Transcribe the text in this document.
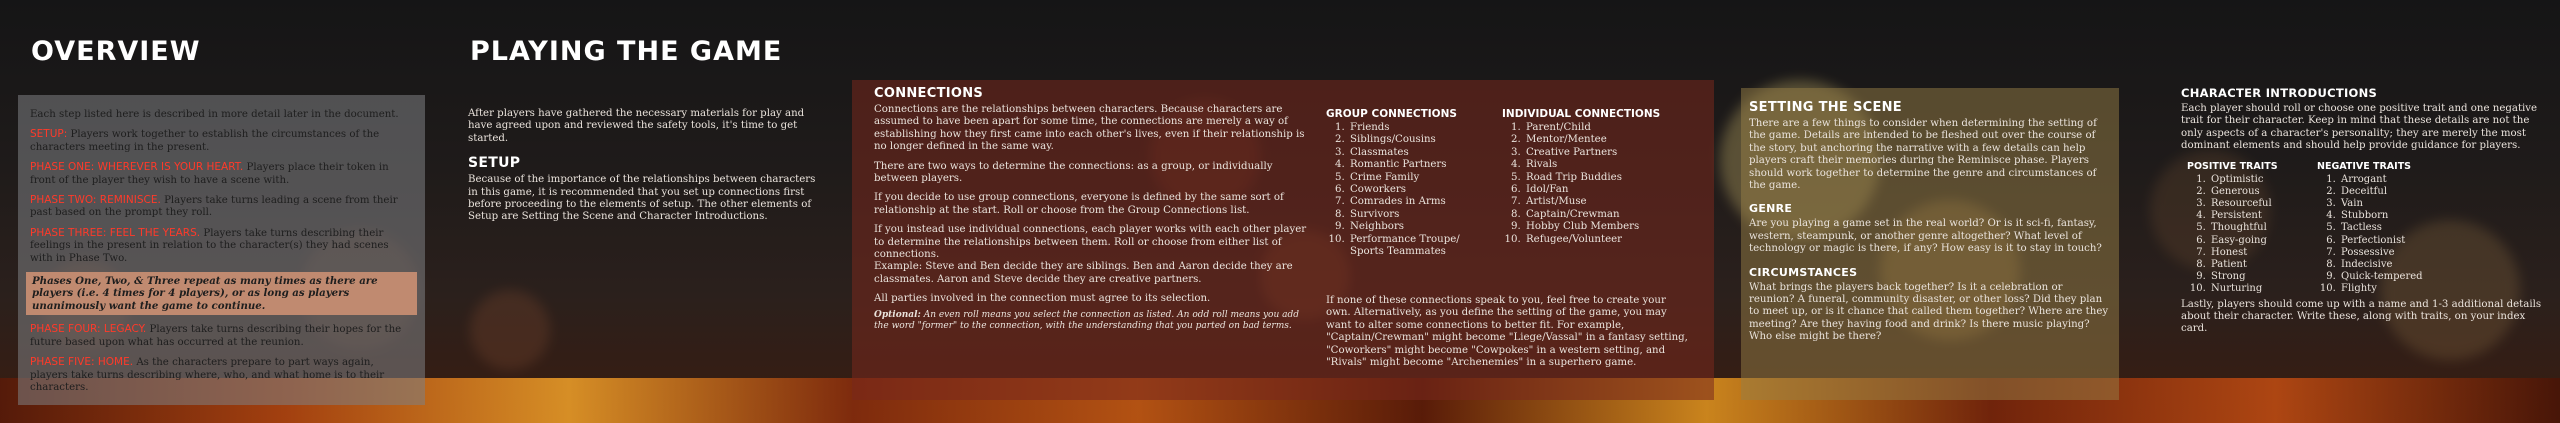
OVERVIEW

Each step listed here is described in more detail later in the document.

SETUP: Players work together to establish the circumstances of the characters meeting in the present.

PHASE ONE: WHEREVER IS YOUR HEART. Players place their token in front of the player they wish to have a scene with.

PHASE TWO: REMINISCE. Players take turns leading a scene from their past based on the prompt they roll.

PHASE THREE: FEEL THE YEARS. Players take turns describing their feelings in the present in relation to the character(s) they had scenes with in Phase Two.

Phases One, Two, & Three repeat as many times as there are players (i.e. 4 times for 4 players), or as long as players unanimously want the game to continue.

PHASE FOUR: LEGACY. Players take turns describing their hopes for the future based upon what has occurred at the reunion.

PHASE FIVE: HOME. As the characters prepare to part ways again, players take turns describing where, who, and what home is to their characters.

PLAYING THE GAME

After players have gathered the necessary materials for play and have agreed upon and reviewed the safety tools, it's time to get started.

SETUP

Because of the importance of the relationships between characters in this game, it is recommended that you set up connections first before proceeding to the elements of setup. The other elements of Setup are Setting the Scene and Character Introductions.

CONNECTIONS

Connections are the relationships between characters. Because characters are assumed to have been apart for some time, the connections are merely a way of establishing how they first came into each other's lives, even if their relationship is no longer defined in the same way.

There are two ways to determine the connections: as a group, or individually between players.

If you decide to use group connections, everyone is defined by the same sort of relationship at the start. Roll or choose from the Group Connections list.

If you instead use individual connections, each player works with each other player to determine the relationships between them. Roll or choose from either list of connections.

Example: Steve and Ben decide they are siblings. Ben and Aaron decide they are classmates. Aaron and Steve decide they are creative partners.

All parties involved in the connection must agree to its selection.

Optional: An even roll means you select the connection as listed. An odd roll means you add the word "former" to the connection, with the understanding that you parted on bad terms.

GROUP CONNECTIONS
1. Friends
2. Siblings/Cousins
3. Classmates
4. Romantic Partners
5. Crime Family
6. Coworkers
7. Comrades in Arms
8. Survivors
9. Neighbors
10. Performance Troupe/ Sports Teammates
INDIVIDUAL CONNECTIONS
1. Parent/Child
2. Mentor/Mentee
3. Creative Partners
4. Rivals
5. Road Trip Buddies
6. Idol/Fan
7. Artist/Muse
8. Captain/Crewman
9. Hobby Club Members
10. Refugee/Volunteer

If none of these connections speak to you, feel free to create your own. Alternatively, as you define the setting of the game, you may want to alter some connections to better fit. For example, "Captain/Crewman" might become "Liege/Vassal" in a fantasy setting, "Coworkers" might become "Cowpokes" in a western setting, and "Rivals" might become "Archenemies" in a superhero game.

SETTING THE SCENE

There are a few things to consider when determining the setting of the game. Details are intended to be fleshed out over the course of the story, but anchoring the narrative with a few details can help players craft their memories during the Reminisce phase. Players should work together to determine the genre and circumstances of the game.

GENRE

Are you playing a game set in the real world? Or is it sci-fi, fantasy, western, steampunk, or another genre altogether? What level of technology or magic is there, if any? How easy is it to stay in touch?

CIRCUMSTANCES

What brings the players back together? Is it a celebration or reunion? A funeral, community disaster, or other loss? Did they plan to meet up, or is it chance that called them together? Where are they meeting? Are they having food and drink? Is there music playing? Who else might be there?

CHARACTER INTRODUCTIONS

Each player should roll or choose one positive trait and one negative trait for their character. Keep in mind that these details are not the only aspects of a character's personality; they are merely the most dominant elements and should help provide guidance for players.

POSITIVE TRAITS
1. Optimistic
2. Generous
3. Resourceful
4. Persistent
5. Thoughtful
6. Easy-going
7. Honest
8. Patient
9. Strong
10. Nurturing
NEGATIVE TRAITS
1. Arrogant
2. Deceitful
3. Vain
4. Stubborn
5. Tactless
6. Perfectionist
7. Possessive
8. Indecisive
9. Quick-tempered
10. Flighty

Lastly, players should come up with a name and 1-3 additional details about their character. Write these, along with traits, on your index card.
